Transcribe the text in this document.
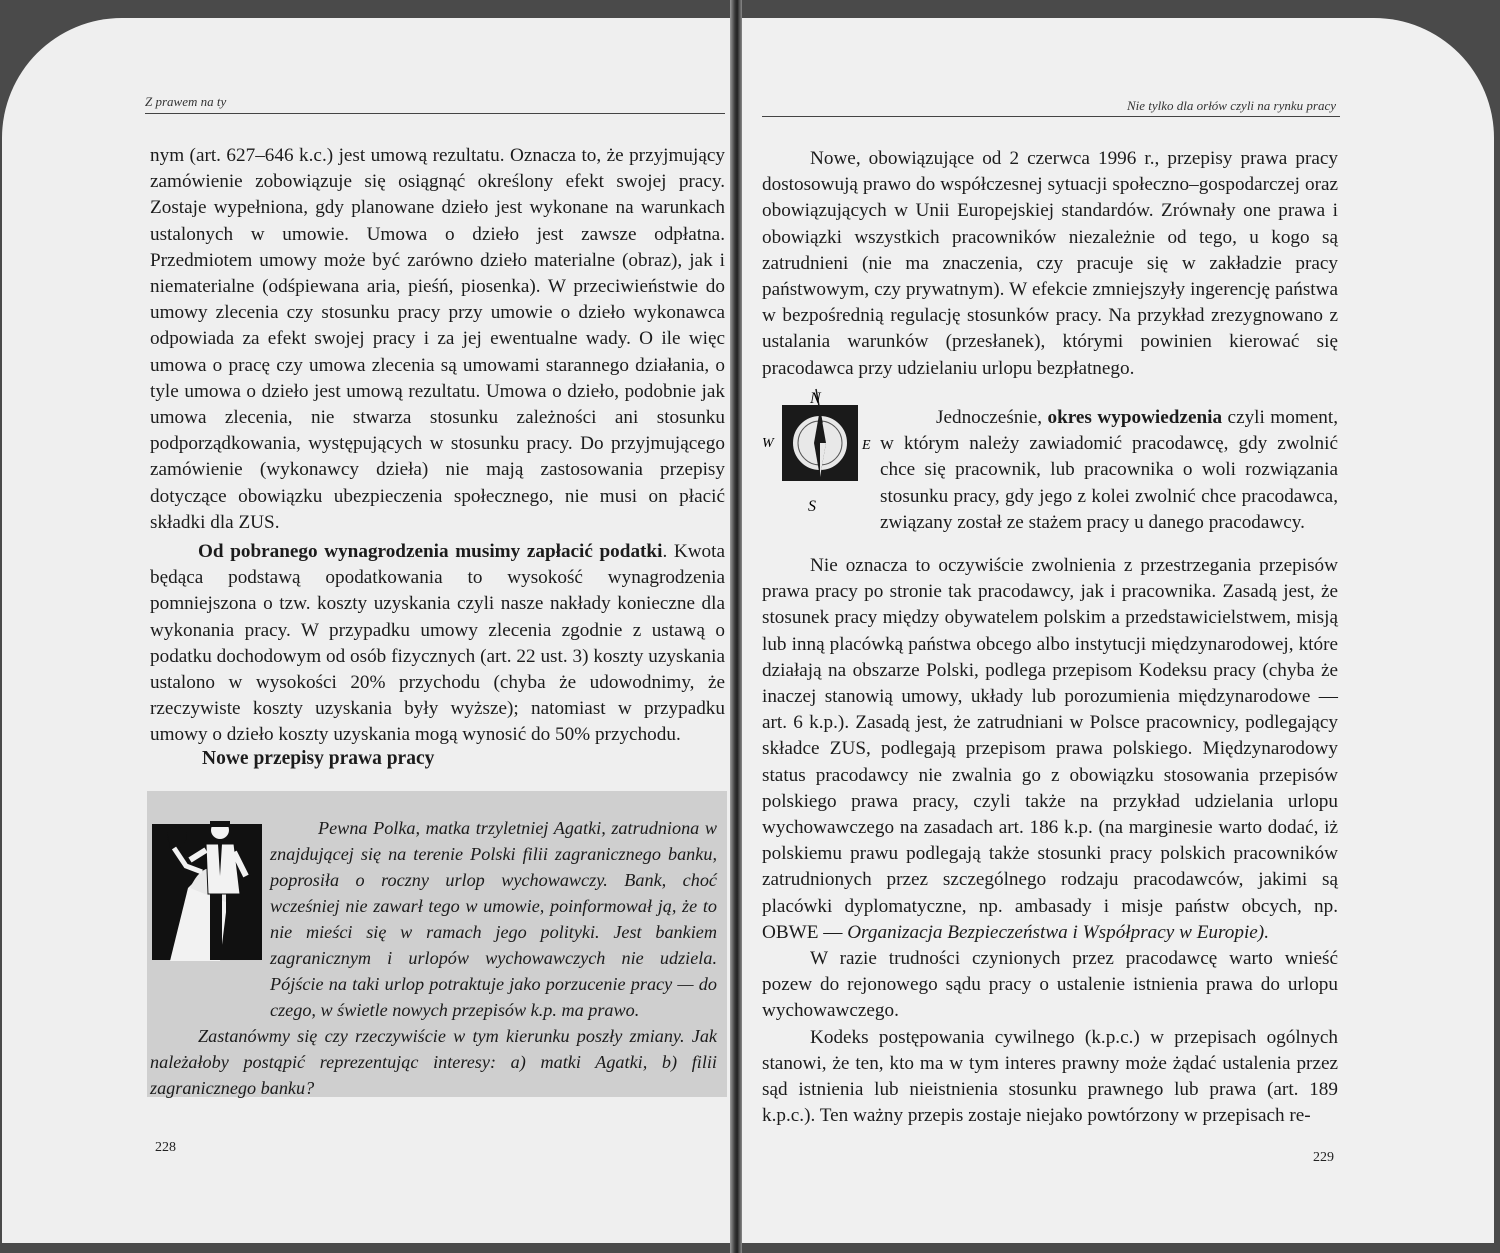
Z prawem na ty

nym (art. 627–646 k.c.) jest umową rezultatu. Oznacza to, że przyjmujący zamówienie zobowiązuje się osiągnąć określony efekt swojej pracy. Zostaje wypełniona, gdy planowane dzieło jest wykonane na warunkach ustalonych w umowie. Umowa o dzieło jest zawsze odpłatna. Przedmiotem umowy może być zarówno dzieło materialne (obraz), jak i niematerialne (odśpiewana aria, pieśń, piosenka). W przeciwieństwie do umowy zlecenia czy stosunku pracy przy umowie o dzieło wykonawca odpowiada za efekt swojej pracy i za jej ewentualne wady. O ile więc umowa o pracę czy umowa zlecenia są umowami starannego działania, o tyle umowa o dzieło jest umową rezultatu. Umowa o dzieło, podobnie jak umowa zlecenia, nie stwarza stosunku zależności ani stosunku podporządkowania, występujących w stosunku pracy. Do przyjmującego zamówienie (wykonawcy dzieła) nie mają zastosowania przepisy dotyczące obowiązku ubezpieczenia społecznego, nie musi on płacić składki dla ZUS.

Od pobranego wynagrodzenia musimy zapłacić podatki. Kwota będąca podstawą opodatkowania to wysokość wynagrodzenia pomniejszona o tzw. koszty uzyskania czyli nasze nakłady konieczne dla wykonania pracy. W przypadku umowy zlecenia zgodnie z ustawą o podatku dochodowym od osób fizycznych (art. 22 ust. 3) koszty uzyskania ustalono w wysokości 20% przychodu (chyba że udowodnimy, że rzeczywiste koszty uzyskania były wyższe); natomiast w przypadku umowy o dzieło koszty uzyskania mogą wynosić do 50% przychodu.

Nowe przepisy prawa pracy

Pewna Polka, matka trzyletniej Agatki, zatrudniona w znajdującej się na terenie Polski filii zagranicznego banku, poprosiła o roczny urlop wychowawczy. Bank, choć wcześniej nie zawarł tego w umowie, poinformował ją, że to nie mieści się w ramach jego polityki. Jest bankiem zagranicznym i urlopów wychowawczych nie udziela. Pójście na taki urlop potraktuje jako porzucenie pracy — do czego, w świetle nowych przepisów k.p. ma prawo.

Zastanówmy się czy rzeczywiście w tym kierunku poszły zmiany. Jak należałoby postąpić reprezentując interesy: a) matki Agatki, b) filii zagranicznego banku?

228
Nie tylko dla orłów czyli na rynku pracy

Nowe, obowiązujące od 2 czerwca 1996 r., przepisy prawa pracy dostosowują prawo do współczesnej sytuacji społeczno–gospodarczej oraz obowiązujących w Unii Europejskiej standardów. Zrównały one prawa i obowiązki wszystkich pracowników niezależnie od tego, u kogo są zatrudnieni (nie ma znaczenia, czy pracuje się w zakładzie pracy państwowym, czy prywatnym). W efekcie zmniejszyły ingerencję państwa w bezpośrednią regulację stosunków pracy. Na przykład zrezygnowano z ustalania warunków (przesłanek), którymi powinien kierować się pracodawca przy udzielaniu urlopu bezpłatnego.

N
W	E
S

Jednocześnie, okres wypowiedzenia czyli moment, w którym należy zawiadomić pracodawcę, gdy zwolnić chce się pracownik, lub pracownika o woli rozwiązania stosunku pracy, gdy jego z kolei zwolnić chce pracodawca, związany został ze stażem pracy u danego pracodawcy.

Nie oznacza to oczywiście zwolnienia z przestrzegania przepisów prawa pracy po stronie tak pracodawcy, jak i pracownika. Zasadą jest, że stosunek pracy między obywatelem polskim a przedstawicielstwem, misją lub inną placówką państwa obcego albo instytucji międzynarodowej, które działają na obszarze Polski, podlega przepisom Kodeksu pracy (chyba że inaczej stanowią umowy, układy lub porozumienia międzynarodowe — art. 6 k.p.). Zasadą jest, że zatrudniani w Polsce pracownicy, podlegający składce ZUS, podlegają przepisom prawa polskiego. Międzynarodowy status pracodawcy nie zwalnia go z obowiązku stosowania przepisów polskiego prawa pracy, czyli także na przykład udzielania urlopu wychowawczego na zasadach art. 186 k.p. (na marginesie warto dodać, iż polskiemu prawu podlegają także stosunki pracy polskich pracowników zatrudnionych przez szczególnego rodzaju pracodawców, jakimi są placówki dyplomatyczne, np. ambasady i misje państw obcych, np. OBWE — Organizacja Bezpieczeństwa i Współpracy w Europie).

W razie trudności czynionych przez pracodawcę warto wnieść pozew do rejonowego sądu pracy o ustalenie istnienia prawa do urlopu wychowawczego.

Kodeks postępowania cywilnego (k.p.c.) w przepisach ogólnych stanowi, że ten, kto ma w tym interes prawny może żądać ustalenia przez sąd istnienia lub nieistnienia stosunku prawnego lub prawa (art. 189 k.p.c.). Ten ważny przepis zostaje niejako powtórzony w przepisach re-

229
